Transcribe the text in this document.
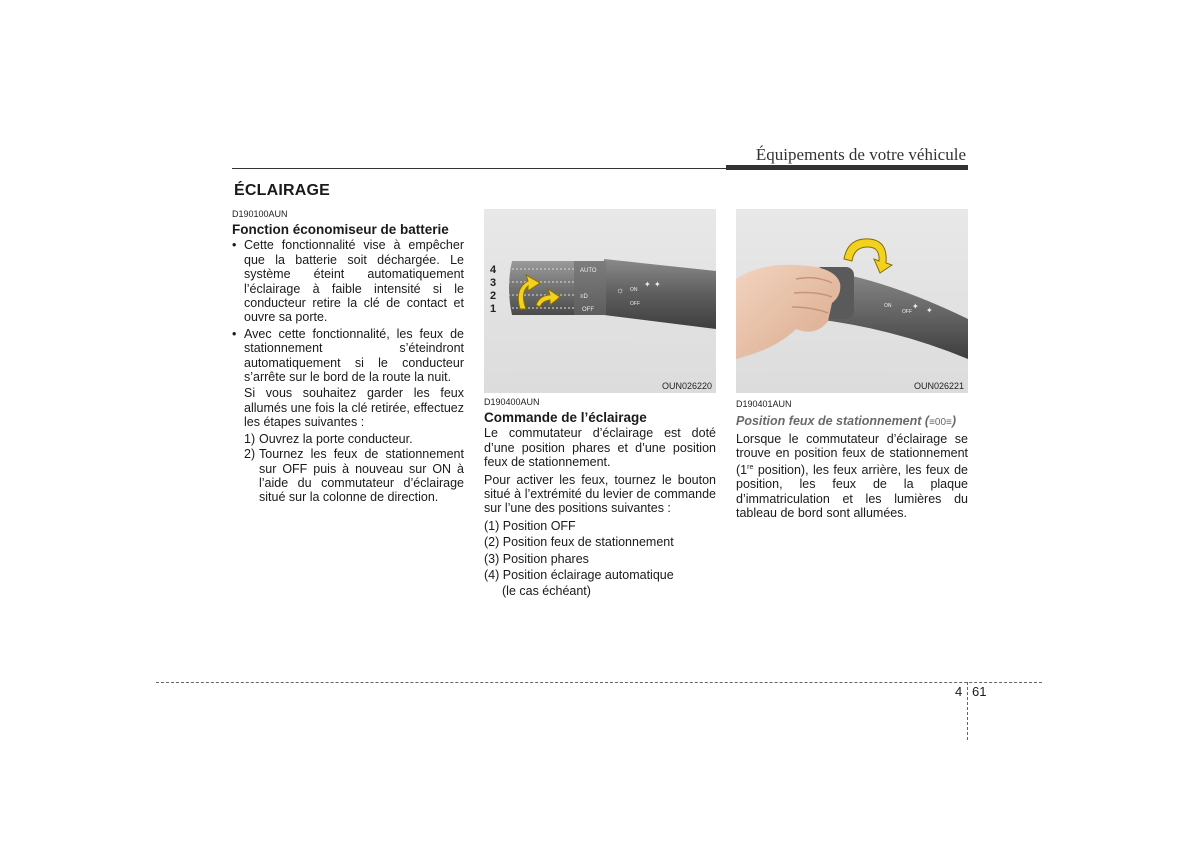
Équipements de votre véhicule
ÉCLAIRAGE
D190100AUN
Fonction économiseur de batterie
• Cette fonctionnalité vise à empêcher que la batterie soit déchargée. Le système éteint automatiquement l’éclairage à faible intensité si le conducteur retire la clé de contact et ouvre sa porte.
• Avec cette fonctionnalité, les feux de stationnement s’éteindront automatiquement si le conducteur s’arrête sur le bord de la route la nuit.
Si vous souhaitez garder les feux allumés une fois la clé retirée, effectuez les étapes suivantes :
1) Ouvrez la porte conducteur.
2) Tournez les feux de stationnement sur OFF puis à nouveau sur ON à l’aide du commutateur d’éclairage situé sur la colonne de direction.
4
3
2
1
AUTO
≡D
OFF
ON
OFF
☼
✦ ✦
OUN026220
ON
OFF
✦ ✦
OUN026221
D190400AUN
Commande de l’éclairage

Le commutateur d’éclairage est doté d’une position phares et d’une position feux de stationnement.

Pour activer les feux, tournez le bouton situé à l’extrémité du levier de commande sur l’une des positions suivantes :

(1) Position OFF
(2) Position feux de stationnement
(3) Position phares
(4) Position éclairage automatique
(le cas échéant)
D190401AUN
Position feux de stationnement (≡00≡)

Lorsque le commutateur d’éclairage se trouve en position feux de stationnement (1re position), les feux arrière, les feux de position, les feux de la plaque d’immatriculation et les lumières du tableau de bord sont allumées.

4 61
